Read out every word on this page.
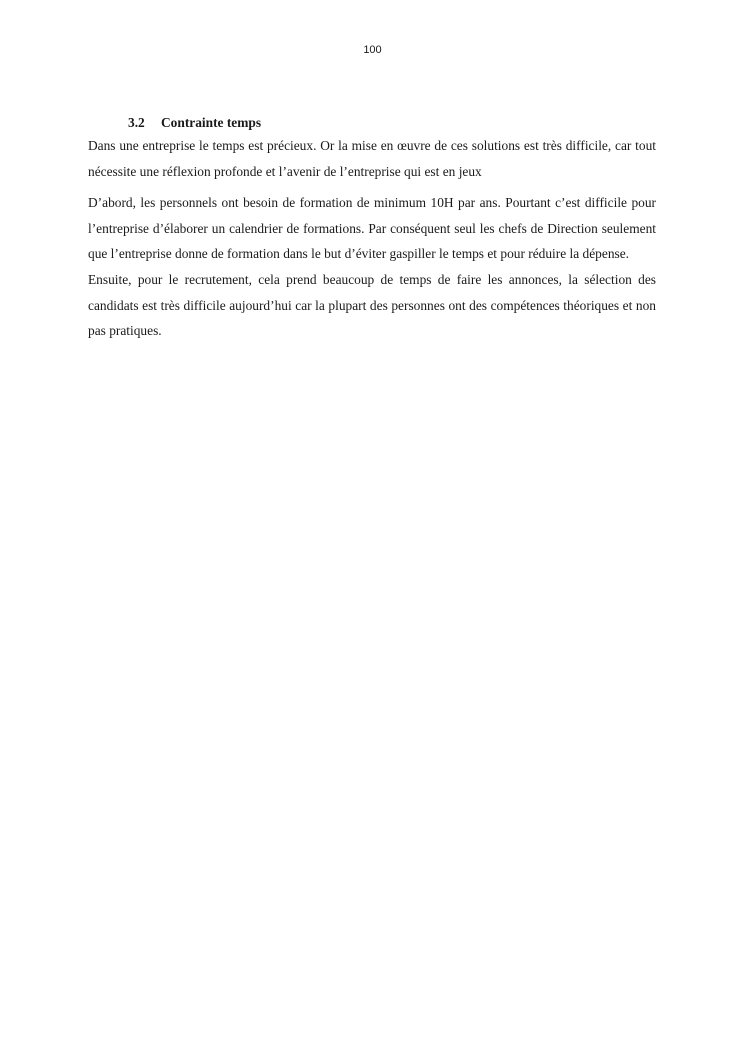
100
3.2 Contrainte temps

Dans une entreprise le temps est précieux. Or la mise en œuvre de ces solutions est très difficile, car tout nécessite une réflexion profonde et l’avenir de l’entreprise qui est en jeux

D’abord, les personnels ont besoin de formation de minimum 10H par ans. Pourtant c’est difficile pour l’entreprise d’élaborer un calendrier de formations. Par conséquent seul les chefs de Direction seulement que l’entreprise donne de formation dans le but d’éviter gaspiller le temps et pour réduire la dépense.

Ensuite, pour le recrutement, cela prend beaucoup de temps de faire les annonces, la sélection des candidats est très difficile aujourd’hui car la plupart des personnes ont des compétences théoriques et non pas pratiques.
